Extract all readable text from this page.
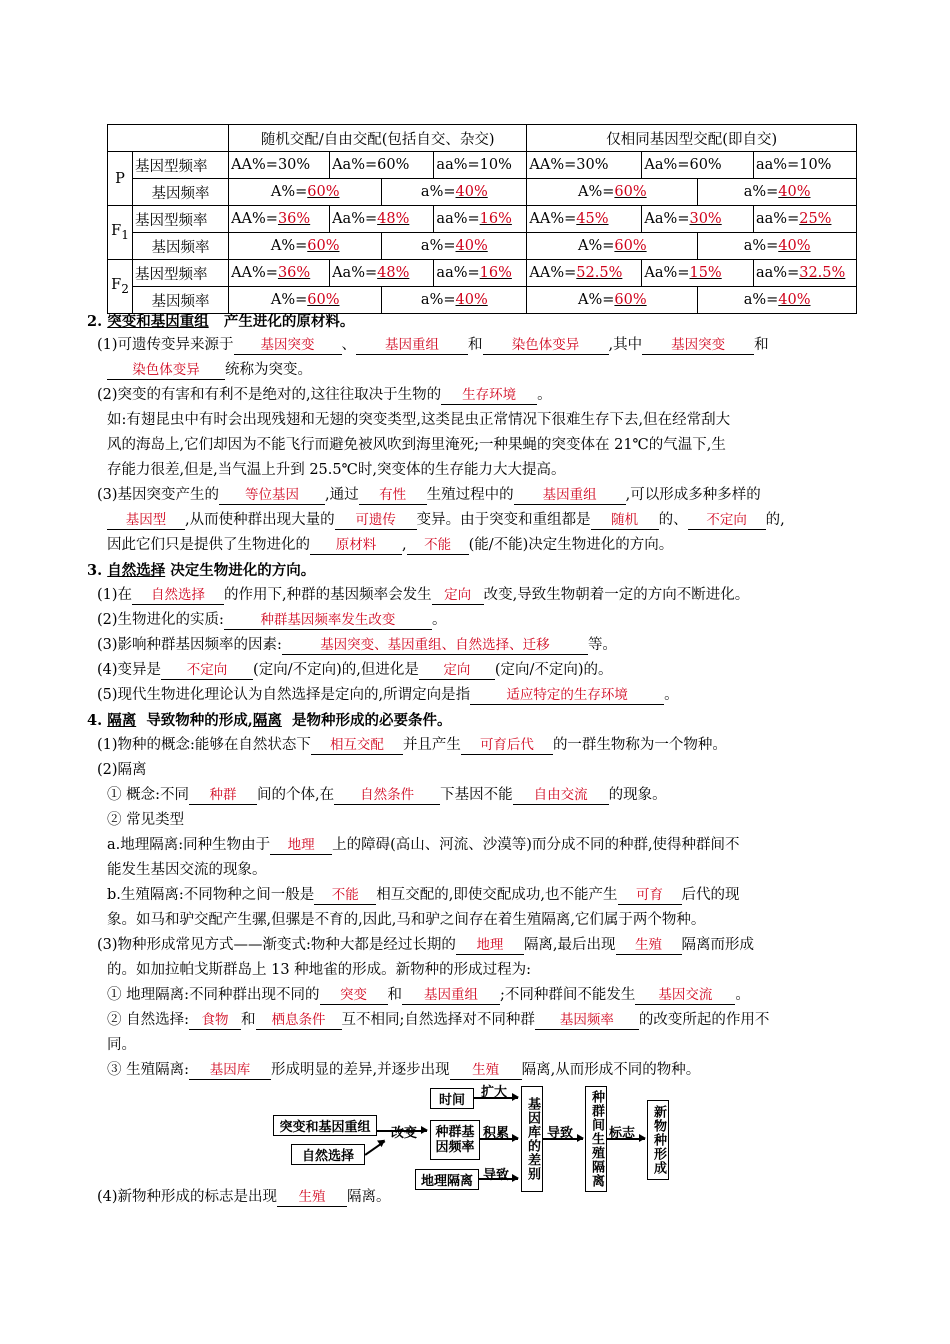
		随机交配/自由交配(包括自交、杂交)				仅相同基因型交配(即自交)			
P	基因型频率	AA%=30%	Aa%=60%		aa%=10%	AA%=30%	Aa%=60%		aa%=10%
	基因频率	A%=60%		a%=40%		A%=60%		a%=40%	
$F_1$	基因型频率	AA%=36%	Aa%=48%		aa%=16%	AA%=45%	Aa%=30%		aa%=25%
	基因频率	A%=60%		a%=40%		A%=60%		a%=40%	
$F_2$	基因型频率	AA%=36%	Aa%=48%		aa%=16%	AA%=52.5%	Aa%=15%		aa%=32.5%
	基因频率	A%=60%		a%=40%		A%=60%		a%=40%	
2. 突变和基因重组 产生进化的原材料。
(1)可遗传变异来源于 基因突变 、 基因重组 和 染色体变异 ,其中 基因突变 和
染色体变异 统称为突变。
(2)突变的有害和有利不是绝对的,这往往取决于生物的 生存环境 。
如:有翅昆虫中有时会出现残翅和无翅的突变类型,这类昆虫正常情况下很难生存下去,但在经常刮大
风的海岛上,它们却因为不能飞行而避免被风吹到海里淹死;一种果蝇的突变体在 21℃的气温下,生
存能力很差,但是,当气温上升到 25.5℃时,突变体的生存能力大大提高。
(3)基因突变产生的 等位基因 ,通过 有性 生殖过程中的 基因重组 ,可以形成多种多样的
基因型 ,从而使种群出现大量的 可遗传 变异。由于突变和重组都是 随机 的、 不定向 的,
因此它们只是提供了生物进化的 原材料 , 不能 (能/不能)决定生物进化的方向。
3. 自然选择 决定生物进化的方向。
(1)在 自然选择 的作用下,种群的基因频率会发生 定向 改变,导致生物朝着一定的方向不断进化。
(2)生物进化的实质:	种群基因频率发生改变	。
(3)影响种群基因频率的因素:	基因突变、基因重组、自然选择、迁移	等。
(4)变异是 不定向 (定向/不定向)的,但进化是 定向 (定向/不定向)的。
(5)现代生物进化理论认为自然选择是定向的,所谓定向是指	适应特定的生存环境	。
4. 隔离 导致物种的形成,隔离 是物种形成的必要条件。
(1)物种的概念:能够在自然状态下 相互交配 并且产生 可育后代 的一群生物称为一个物种。
(2)隔离
① 概念:不同 种群 间的个体,在 自然条件 下基因不能 自由交流 的现象。
② 常见类型
a.地理隔离:同种生物由于 地理 上的障碍(高山、河流、沙漠等)而分成不同的种群,使得种群间不
能发生基因交流的现象。
b.生殖隔离:不同物种之间一般是 不能 相互交配的,即使交配成功,也不能产生 可育 后代的现
象。如马和驴交配产生骡,但骡是不育的,因此,马和驴之间存在着生殖隔离,它们属于两个物种。
(3)物种形成常见方式——渐变式:物种大都是经过长期的 地理 隔离,最后出现 生殖 隔离而形成
的。如加拉帕戈斯群岛上 13 种地雀的形成。新物种的形成过程为:
① 地理隔离:不同种群出现不同的 突变 和 基因重组 ;不同种群间不能发生 基因交流 。
② 自然选择: 食物 和 栖息条件 互不相同;自然选择对不同种群 基因频率 的改变所起的作用不
同。
③ 生殖隔离: 基因库 形成明显的差异,并逐步出现 生殖 隔离,从而形成不同的物种。
突变和基因重组
自然选择
改变
时间
种群基因频率
地理隔离
扩大
积累
导致	基因库的差别 导致	种群间生殖隔离 标志	新物种形成
(4)新物种形成的标志是出现 生殖 隔离。
